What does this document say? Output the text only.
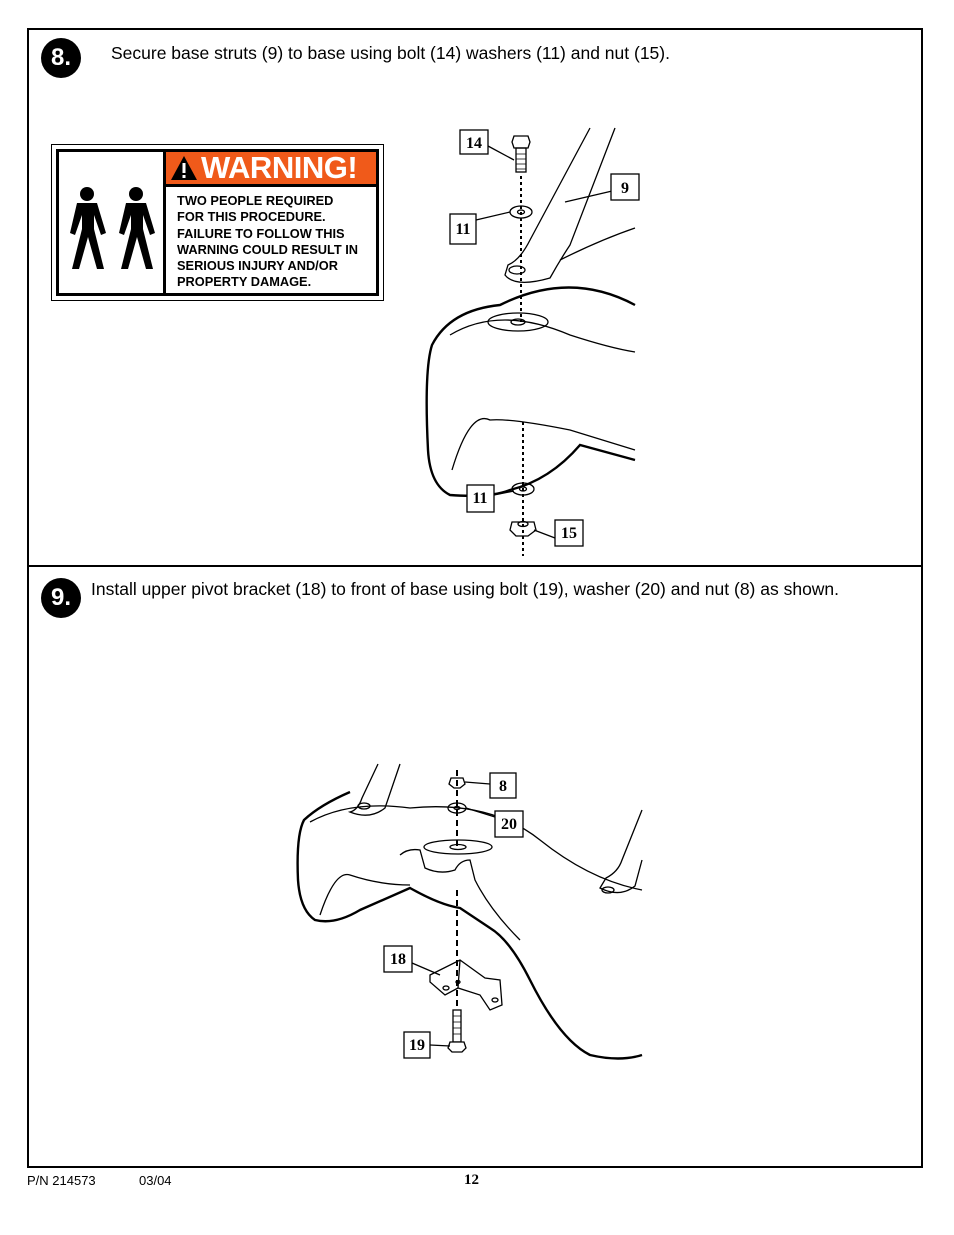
8. Secure base struts (9) to base using bolt (14) washers (11) and nut (15).
WARNING!
TWO PEOPLE REQUIRED
FOR THIS PROCEDURE.
FAILURE TO FOLLOW THIS
WARNING COULD RESULT IN
SERIOUS INJURY AND/OR
PROPERTY DAMAGE.
14
9
11
11
15
9. Install upper pivot bracket (18) to front of base using bolt (19), washer (20) and nut (8) as shown.
8
20
18
19
P/N 214573	03/04	12
